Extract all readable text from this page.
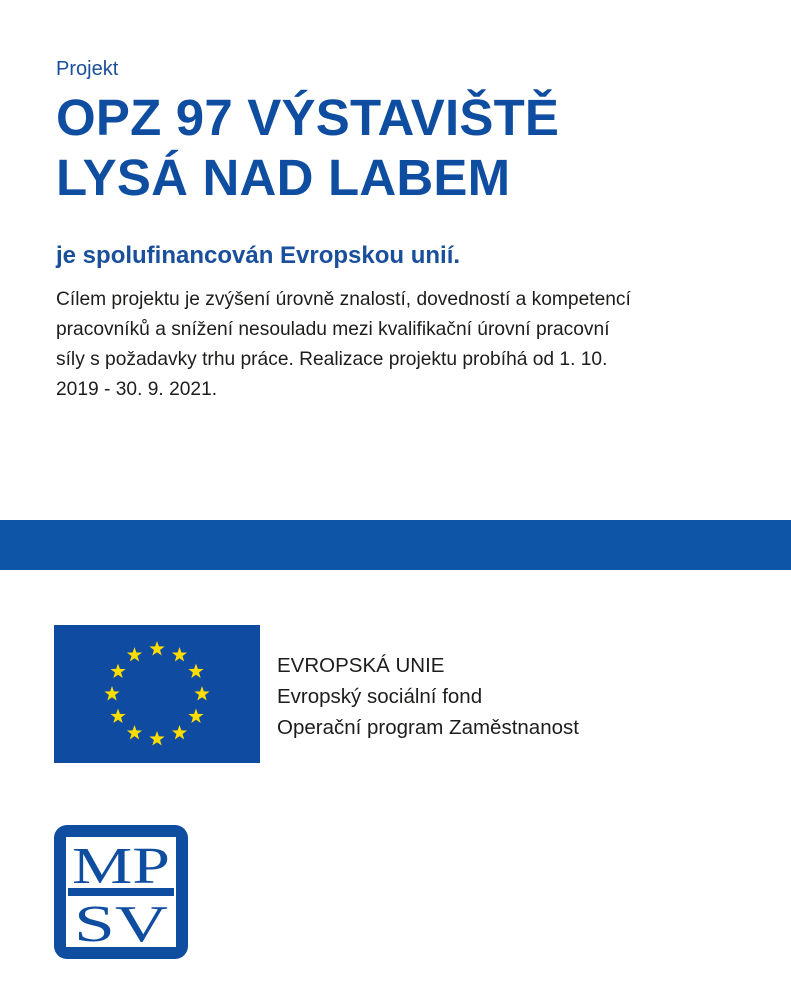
Projekt
OPZ 97 VÝSTAVIŠTĚ
LYSÁ NAD LABEM
je spolufinancován Evropskou unií.

Cílem projektu je zvýšení úrovně znalostí, dovedností a kompetencí
pracovníků a snížení nesouladu mezi kvalifikační úrovní pracovní
síly s požadavky trhu práce. Realizace projektu probíhá od 1. 10.
2019 - 30. 9. 2021.

EVROPSKÁ UNIE
Evropský sociální fond
Operační program Zaměstnanost
MP
SV
